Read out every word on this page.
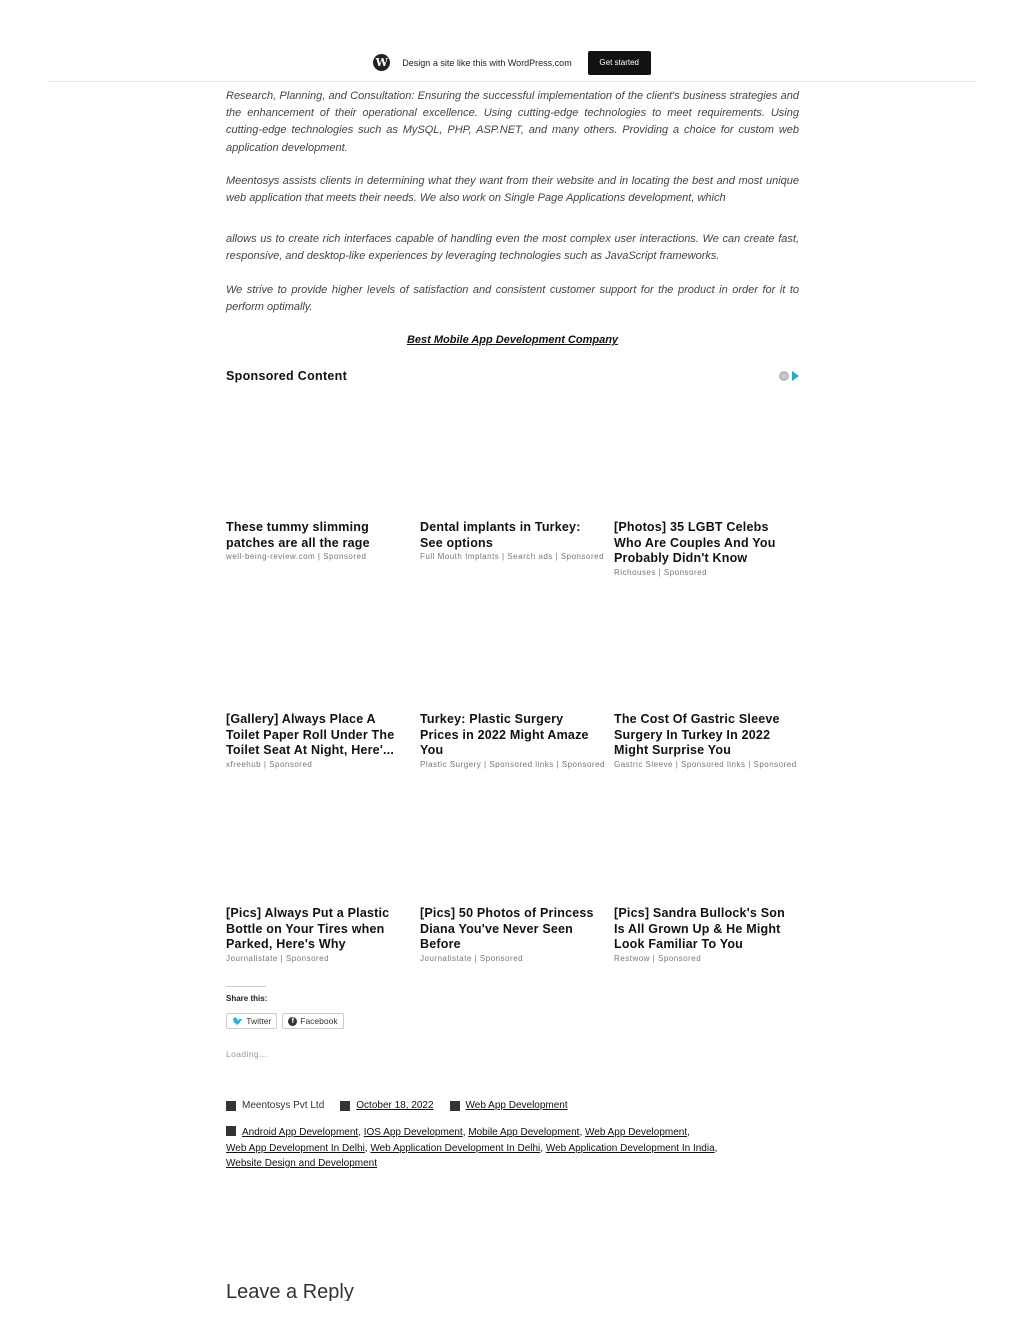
W Design a site like this with WordPress.com	Get started

Research, Planning, and Consultation: Ensuring the successful implementation of the client's business strategies and the enhancement of their operational excellence. Using cutting-edge technologies to meet requirements. Using cutting-edge technologies such as MySQL, PHP, ASP.NET, and many others. Providing a choice for custom web application development.

Meentosys assists clients in determining what they want from their website and in locating the best and most unique web application that meets their needs. We also work on Single Page Applications development, which

allows us to create rich interfaces capable of handling even the most complex user interactions. We can create fast, responsive, and desktop-like experiences by leveraging technologies such as JavaScript frameworks.

We strive to provide higher levels of satisfaction and consistent customer support for the product in order for it to perform optimally.

Best Mobile App Development Company
Sponsored Content	☺
These tummy slimming patches are all the rage
well-being-review.com | Sponsored
Dental implants in Turkey: See options
Full Mouth Implants | Search ads | Sponsored
[Photos] 35 LGBT Celebs Who Are Couples And You Probably Didn't Know
Richouses | Sponsored
[Gallery] Always Place A Toilet Paper Roll Under The Toilet Seat At Night, Here'...
xfreehub | Sponsored
Turkey: Plastic Surgery Prices in 2022 Might Amaze You
Plastic Surgery | Sponsored links | Sponsored
The Cost Of Gastric Sleeve Surgery In Turkey In 2022 Might Surprise You
Gastric Sleeve | Sponsored links | Sponsored
[Pics] Always Put a Plastic Bottle on Your Tires when Parked, Here's Why
Journalistate | Sponsored
[Pics] 50 Photos of Princess Diana You've Never Seen Before
Journalistate | Sponsored
[Pics] Sandra Bullock's Son Is All Grown Up & He Might Look Familiar To You
Restwow | Sponsored
Share this:
🐦 Twitter	f Facebook
Loading...
Meentosys Pvt Ltd	October 18, 2022	Web App Development
Android App Development, IOS App Development, Mobile App Development, Web App Development,
Web App Development In Delhi, Web Application Development In Delhi, Web Application Development In India,
Website Design and Development
Leave a Reply
